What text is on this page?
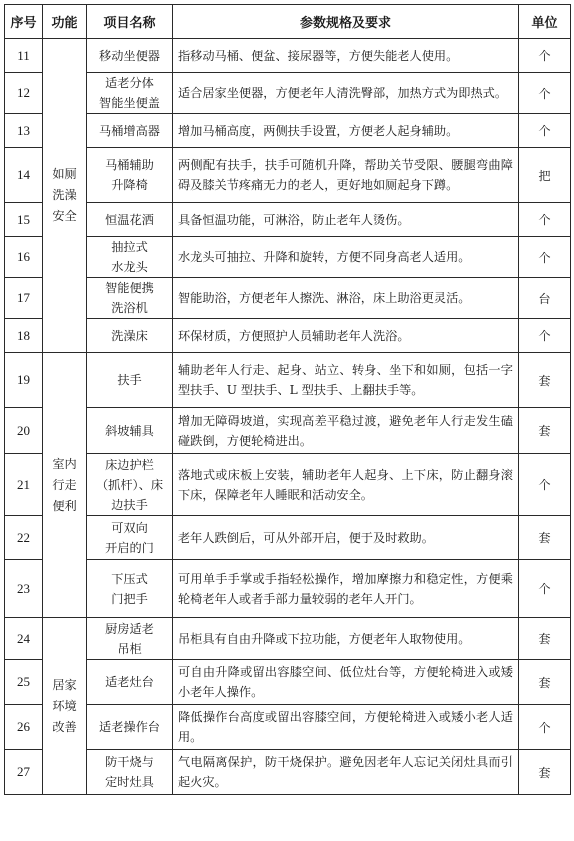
序号	功能	项目名称	参数规格及要求	单位
11	如厕
洗澡
安全	移动坐便器	指移动马桶、便盆、接尿器等，方便失能老人使用。	个
12		适老分体
智能坐便盖	适合居家坐便器，方便老年人清洗臀部，加热方式为即热式。	个
13		马桶增高器	增加马桶高度，两侧扶手设置，方便老人起身辅助。	个
14		马桶辅助
升降椅	两侧配有扶手，扶手可随机升降，帮助关节受限、腰腿弯曲障碍及膝关节疼痛无力的老人，更好地如厕起身下蹲。	把
15		恒温花洒	具备恒温功能，可淋浴，防止老年人烫伤。	个
16		抽拉式
水龙头	水龙头可抽拉、升降和旋转，方便不同身高老人适用。	个
17		智能便携
洗浴机	智能助浴，方便老年人擦洗、淋浴，床上助浴更灵活。	台
18		洗澡床	环保材质，方便照护人员辅助老年人洗浴。	个
19	室内
行走
便利	扶手	辅助老年人行走、起身、站立、转身、坐下和如厕，包括一字型扶手、U 型扶手、L 型扶手、上翻扶手等。	套
20		斜坡辅具	增加无障碍坡道，实现高差平稳过渡，避免老年人行走发生磕碰跌倒，方便轮椅进出。	套
21		床边护栏
（抓杆）、床
边扶手	落地式或床板上安装，辅助老年人起身、上下床，防止翻身滚下床，保障老年人睡眠和活动安全。	个
22		可双向
开启的门	老年人跌倒后，可从外部开启，便于及时救助。	套
23		下压式
门把手	可用单手手掌或手指轻松操作，增加摩擦力和稳定性，方便乘轮椅老年人或者手部力量较弱的老年人开门。	个
24	居家
环境
改善	厨房适老
吊柜	吊柜具有自由升降或下拉功能，方便老年人取物使用。	套
25		适老灶台	可自由升降或留出容膝空间、低位灶台等，方便轮椅进入或矮小老年人操作。	套
26		适老操作台	降低操作台高度或留出容膝空间，方便轮椅进入或矮小老人适用。	个
27		防干烧与
定时灶具	气电隔离保护，防干烧保护。避免因老年人忘记关闭灶具而引起火灾。	套
